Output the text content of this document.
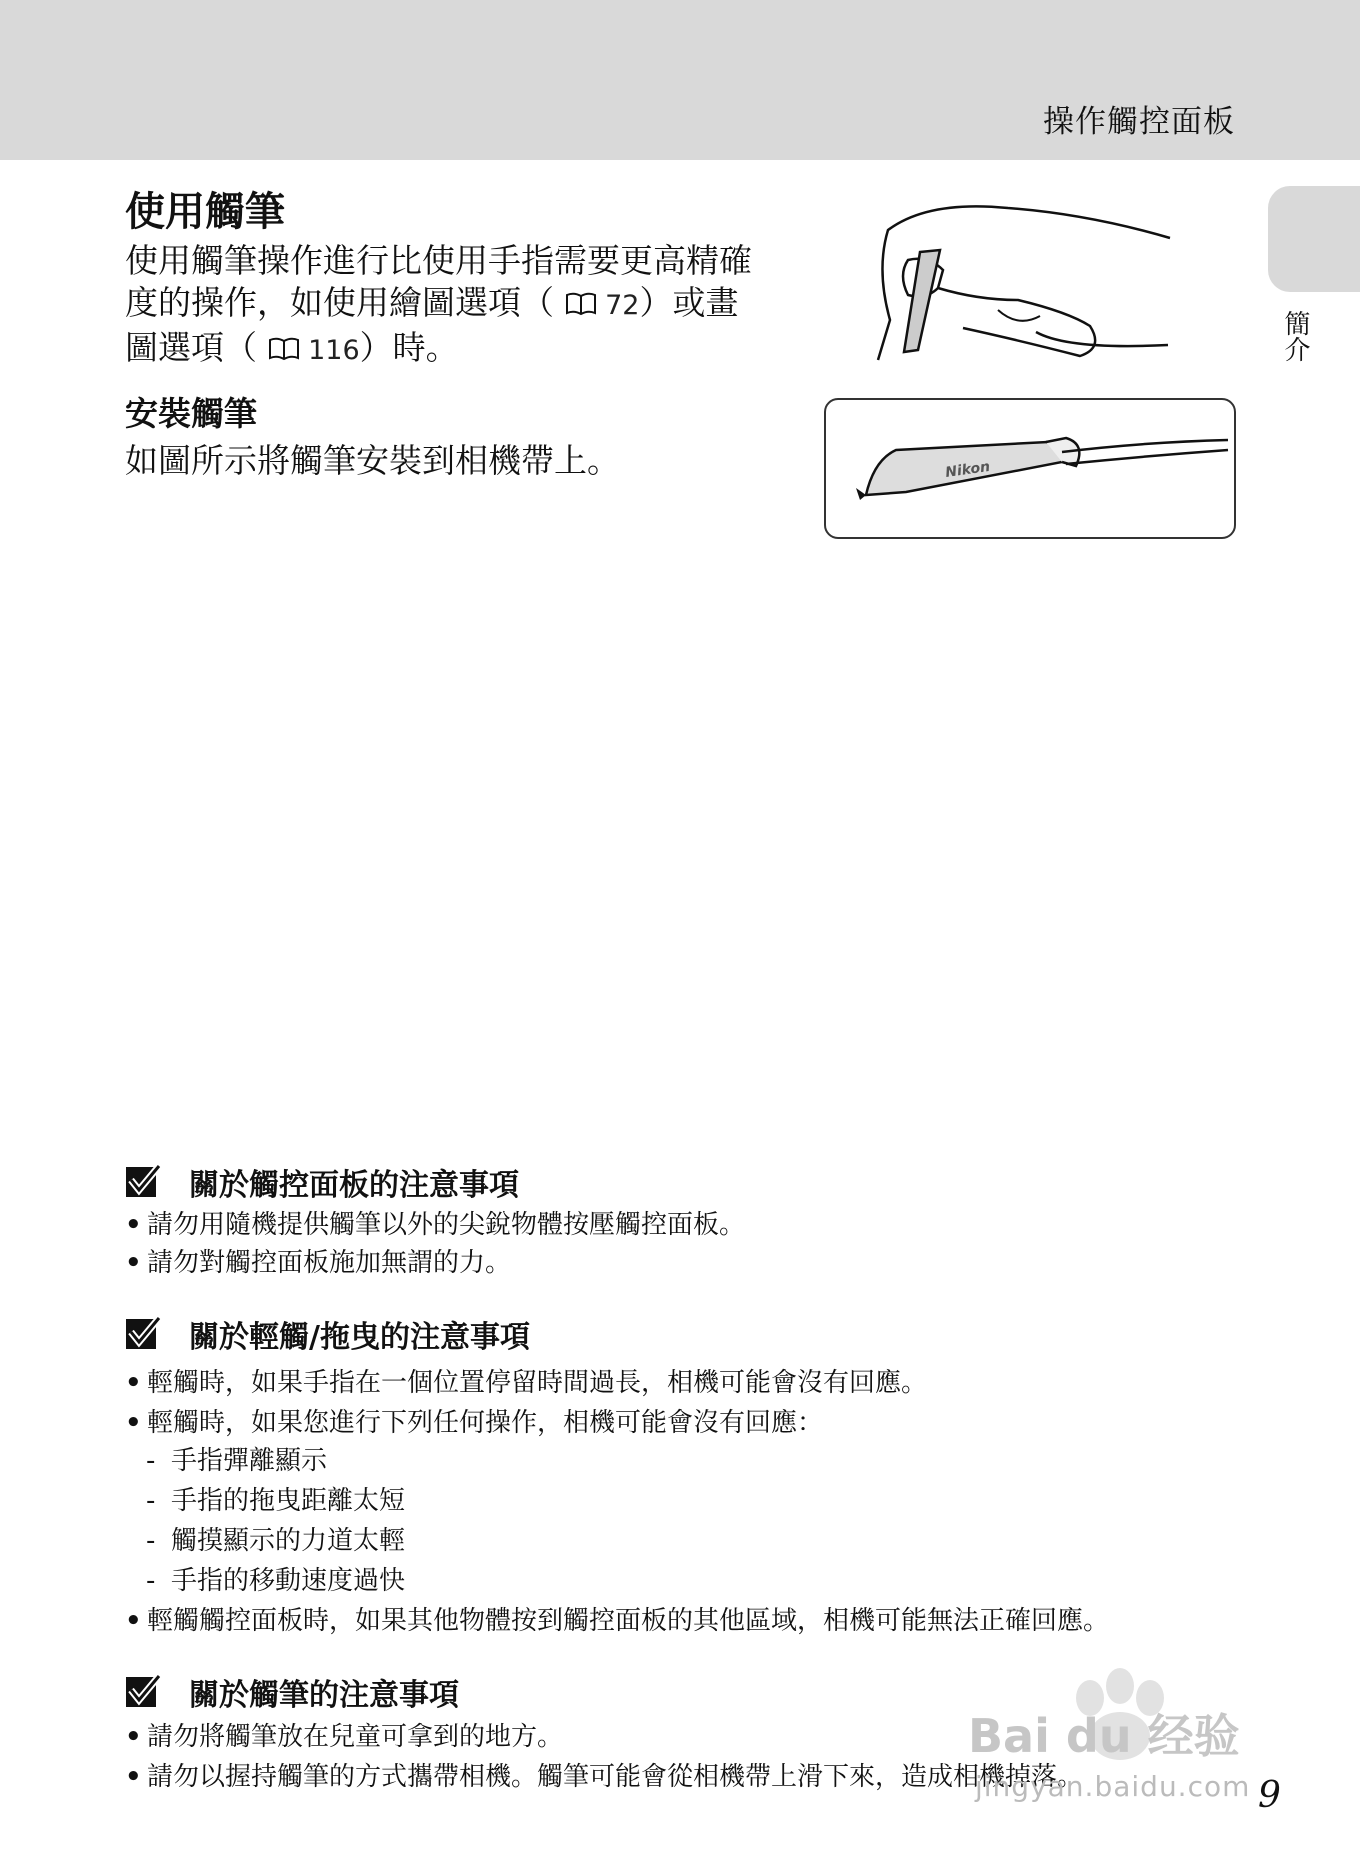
操作觸控面板
簡介
使用觸筆
使用觸筆操作進行比使用手指需要更高精確
度的操作，如使用繪圖選項（ 72）或畫
圖選項（ 116）時。
安裝觸筆
如圖所示將觸筆安裝到相機帶上。	Nikon
關於觸控面板的注意事項
• 請勿用隨機提供觸筆以外的尖銳物體按壓觸控面板。
• 請勿對觸控面板施加無謂的力。
關於輕觸/拖曳的注意事項
• 輕觸時，如果手指在一個位置停留時間過長，相機可能會沒有回應。
• 輕觸時，如果您進行下列任何操作，相機可能會沒有回應：
- 手指彈離顯示
- 手指的拖曳距離太短
- 觸摸顯示的力道太輕
- 手指的移動速度過快
• 輕觸觸控面板時，如果其他物體按到觸控面板的其他區域，相機可能無法正確回應。
關於觸筆的注意事項
• 請勿將觸筆放在兒童可拿到的地方。
• 請勿以握持觸筆的方式攜帶相機。觸筆可能會從相機帶上滑下來，造成相機掉落。	9
Bai du 经验
jingyan.baidu.com
